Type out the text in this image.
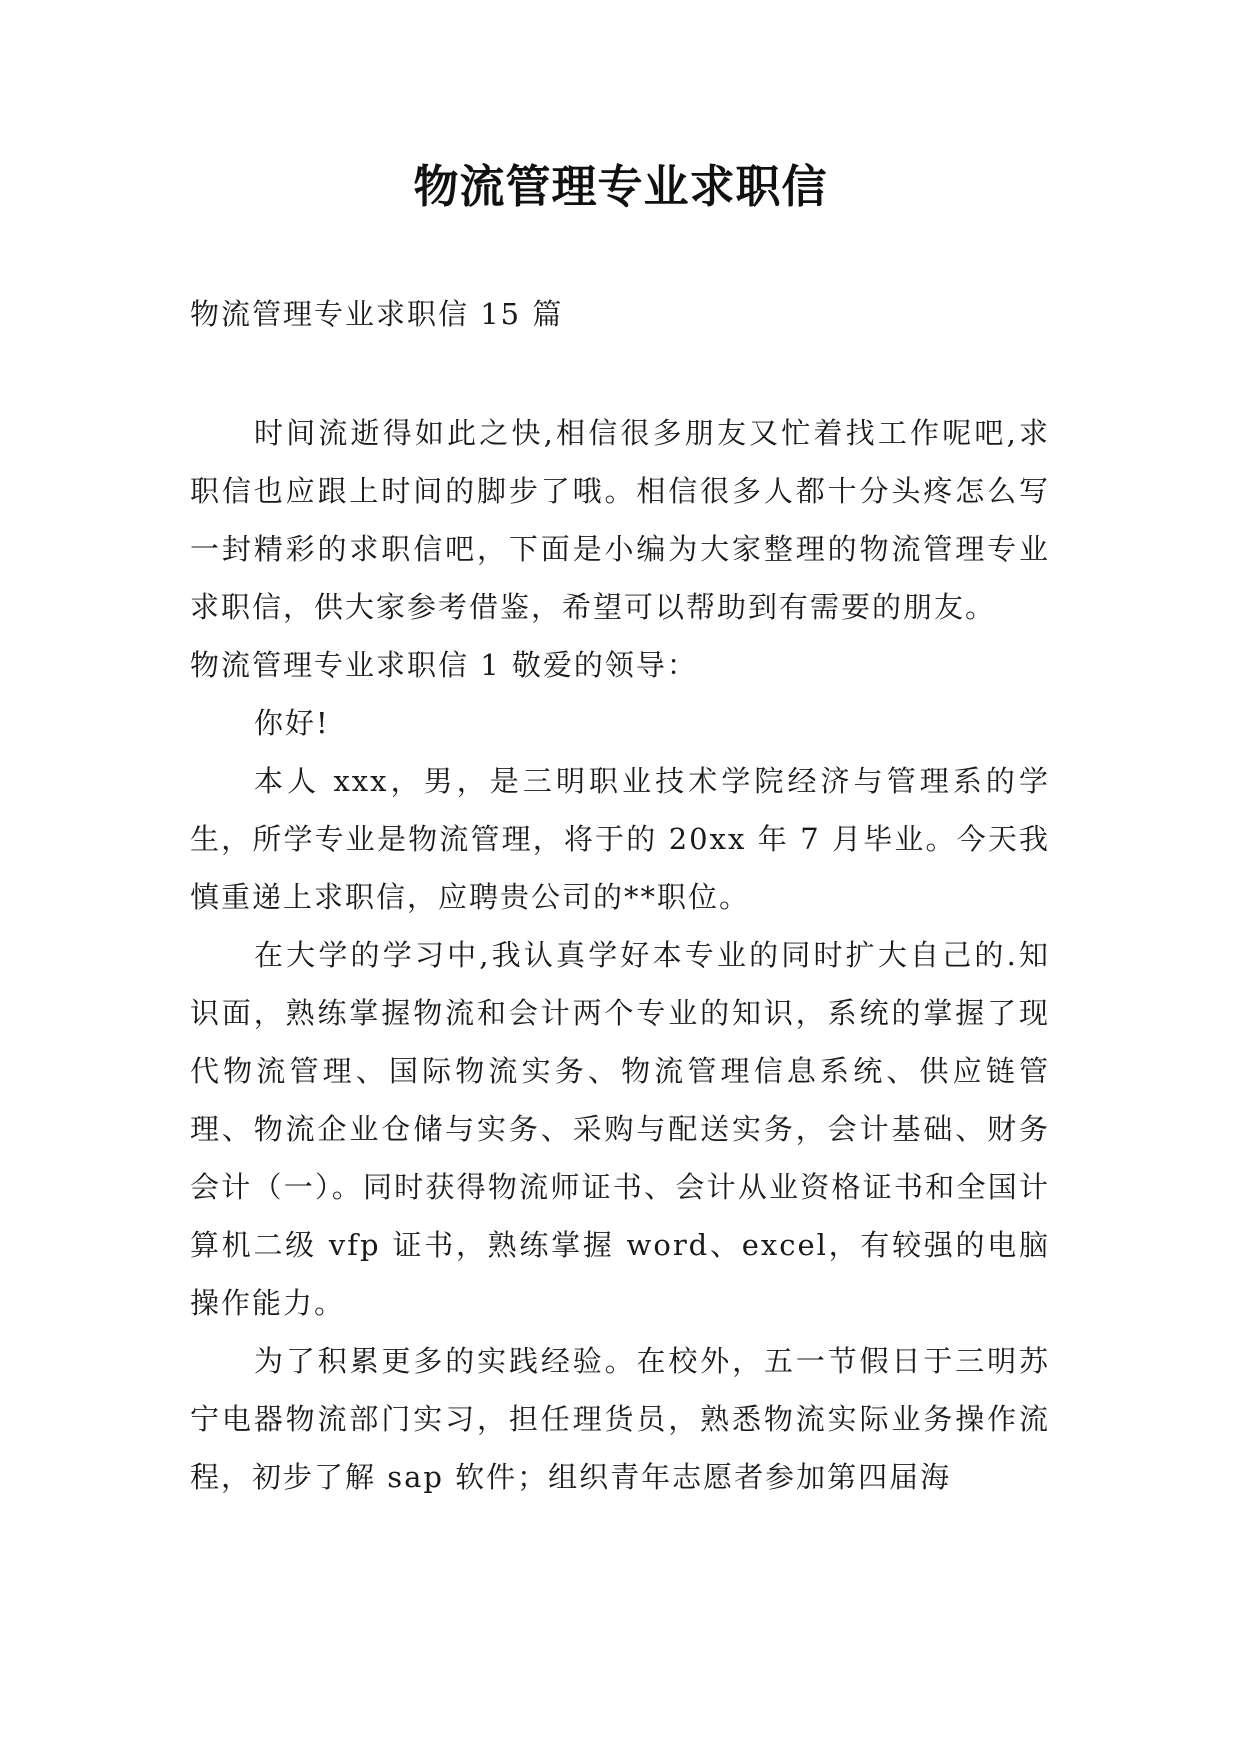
物流管理专业求职信
物流管理专业求职信 15 篇

时间流逝得如此之快,相信很多朋友又忙着找工作呢吧,求职信也应跟上时间的脚步了哦。相信很多人都十分头疼怎么写一封精彩的求职信吧，下面是小编为大家整理的物流管理专业求职信，供大家参考借鉴，希望可以帮助到有需要的朋友。

物流管理专业求职信 1 敬爱的领导：

你好!

本人 xxx，男，是三明职业技术学院经济与管理系的学生，所学专业是物流管理，将于的 20xx 年 7 月毕业。今天我慎重递上求职信，应聘贵公司的**职位。

在大学的学习中,我认真学好本专业的同时扩大自己的.知识面，熟练掌握物流和会计两个专业的知识，系统的掌握了现代物流管理、国际物流实务、物流管理信息系统、供应链管理、物流企业仓储与实务、采购与配送实务，会计基础、财务会计（一）。同时获得物流师证书、会计从业资格证书和全国计算机二级 vfp 证书，熟练掌握 word、excel，有较强的电脑操作能力。

为了积累更多的实践经验。在校外，五一节假日于三明苏宁电器物流部门实习，担任理货员，熟悉物流实际业务操作流程，初步了解 sap 软件；组织青年志愿者参加第四届海
